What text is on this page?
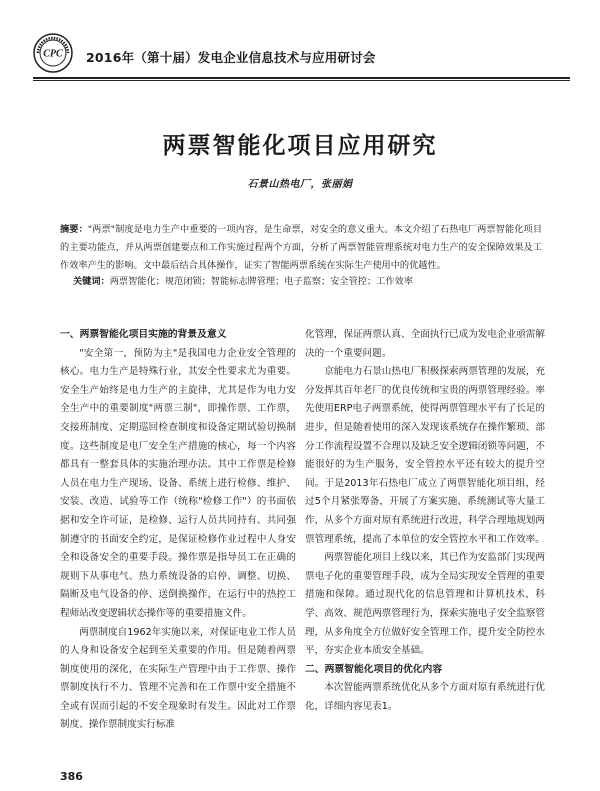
CPC 2016年（第十届）发电企业信息技术与应用研讨会
两票智能化项目应用研究
石景山热电厂，张丽娟
摘要："两票"制度是电力生产中重要的一项内容，是生命票，对安全的意义重大。本文介绍了石热电厂两票智能化项目的主要功能点，并从两票创建要点和工作实施过程两个方面，分析了两票智能管理系统对电力生产的安全保障效果及工作效率产生的影响。文中最后结合具体操作，证实了智能两票系统在实际生产使用中的优越性。
关键词：两票智能化；规范闭锁；智能标志牌管理；电子监察；安全管控；工作效率
一、两票智能化项目实施的背景及意义

"安全第一，预防为主"是我国电力企业安全管理的核心。电力生产是特殊行业，其安全性要求尤为重要。安全生产始终是电力生产的主旋律，尤其是作为电力安全生产中的重要制度"两票三制"，即操作票、工作票，交接班制度、定期巡回检查制度和设备定期试验切换制度。这些制度是电厂安全生产措施的核心，每一个内容都具有一整套具体的实施治理办法。其中工作票是检修人员在电力生产现场、设备、系统上进行检修、维护、安装、改造、试验等工作（统称"检修工作"）的书面依据和安全许可证，是检修、运行人员共同持有、共同强制遵守的书面安全约定，是保证检修作业过程中人身安全和设备安全的重要手段。操作票是指导员工在正确的规则下从事电气、热力系统设备的启停、调整、切换、隔断及电气设备的停、送倒换操作，在运行中的热控工程师站改变逻辑状态操作等的重要措施文件。

两票制度自1962年实施以来，对保证电业工作人员的人身和设备安全起到至关重要的作用。但是随着两票制度使用的深化，在实际生产管理中由于工作票、操作票制度执行不力、管理不完善和在工作票中安全措施不全或有误而引起的不安全现象时有发生。因此对工作票制度、操作票制度实行标准

化管理，保证两票认真、全面执行已成为发电企业亟需解决的一个重要问题。

京能电力石景山热电厂积极探索两票管理的发展，充分发挥其百年老厂的优良传统和宝贵的两票管理经验。率先使用ERP电子两票系统，使得两票管理水平有了长足的进步，但是随着使用的深入发现该系统存在操作繁琐、部分工作流程设置不合理以及缺乏安全逻辑闭锁等问题，不能很好的为生产服务，安全管控水平还有较大的提升空间。于是2013年石热电厂成立了两票智能化项目组，经过5个月紧张筹备，开展了方案实施、系统测试等大量工作，从多个方面对原有系统进行改进，科学合理地规划两票管理系统，提高了本单位的安全管控水平和工作效率。

两票智能化项目上线以来，其已作为安监部门实现两票电子化的重要管理手段，成为全局实现安全管理的重要措施和保障。通过现代化的信息管理和计算机技术，科学、高效、规范两票管理行为，探索实施电子安全监察管理，从多角度全方位做好安全管理工作，提升安全防控水平，夯实企业本质安全基础。

二、两票智能化项目的优化内容

本次智能两票系统优化从多个方面对原有系统进行优化，详细内容见表1。

386
